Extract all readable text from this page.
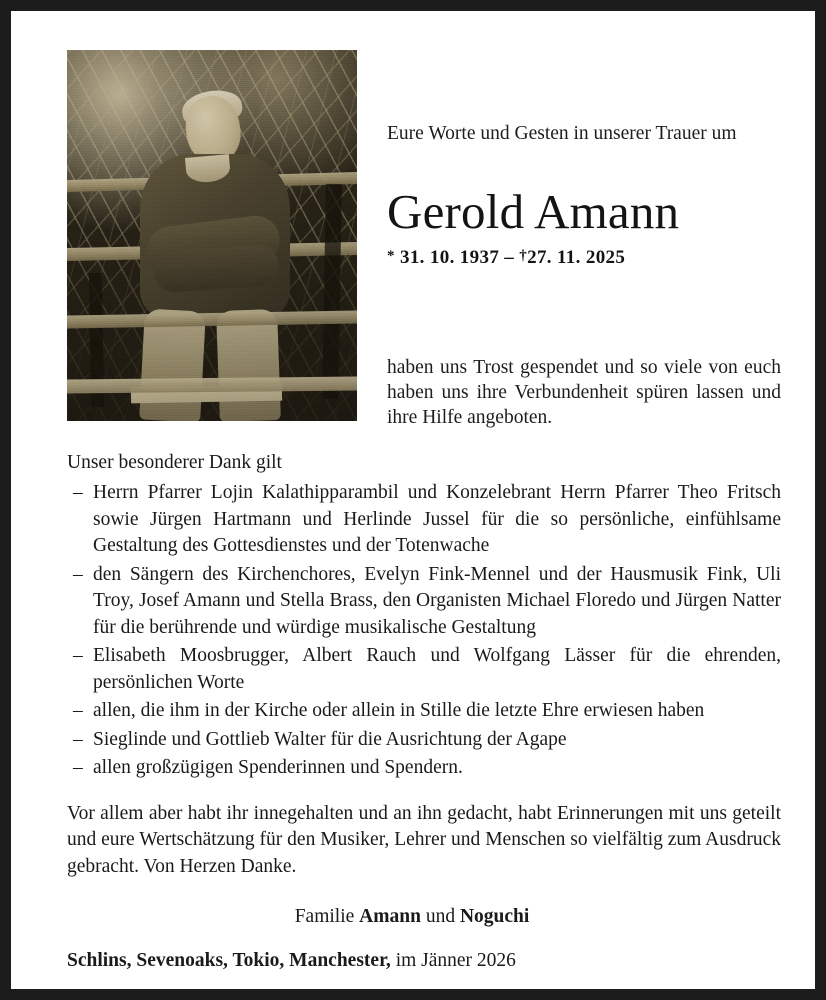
Eure Worte und Gesten in unserer Trauer um
Gerold Amann
* 31. 10. 1937 – †27. 11. 2025
haben uns Trost gespendet und so viele von euch haben uns ihre Verbundenheit spüren lassen und ihre Hilfe angeboten.
Unser besonderer Dank gilt
– Herrn Pfarrer Lojin Kalathipparambil und Konzelebrant Herrn Pfarrer Theo Fritsch sowie Jürgen Hartmann und Herlinde Jussel für die so persönliche, einfühlsame Gestaltung des Gottesdienstes und der Totenwache
– den Sängern des Kirchenchores, Evelyn Fink-Mennel und der Hausmusik Fink, Uli Troy, Josef Amann und Stella Brass, den Organisten Michael Floredo und Jürgen Natter für die berührende und würdige musikalische Gestaltung
– Elisabeth Moosbrugger, Albert Rauch und Wolfgang Lässer für die ehrenden, persönlichen Worte
– allen, die ihm in der Kirche oder allein in Stille die letzte Ehre erwiesen haben
– Sieglinde und Gottlieb Walter für die Ausrichtung der Agape
– allen großzügigen Spenderinnen und Spendern.
Vor allem aber habt ihr innegehalten und an ihn gedacht, habt Erinnerungen mit uns geteilt und eure Wertschätzung für den Musiker, Lehrer und Menschen so vielfältig zum Ausdruck gebracht. Von Herzen Danke.
Familie Amann und Noguchi
Schlins, Sevenoaks, Tokio, Manchester, im Jänner 2026
